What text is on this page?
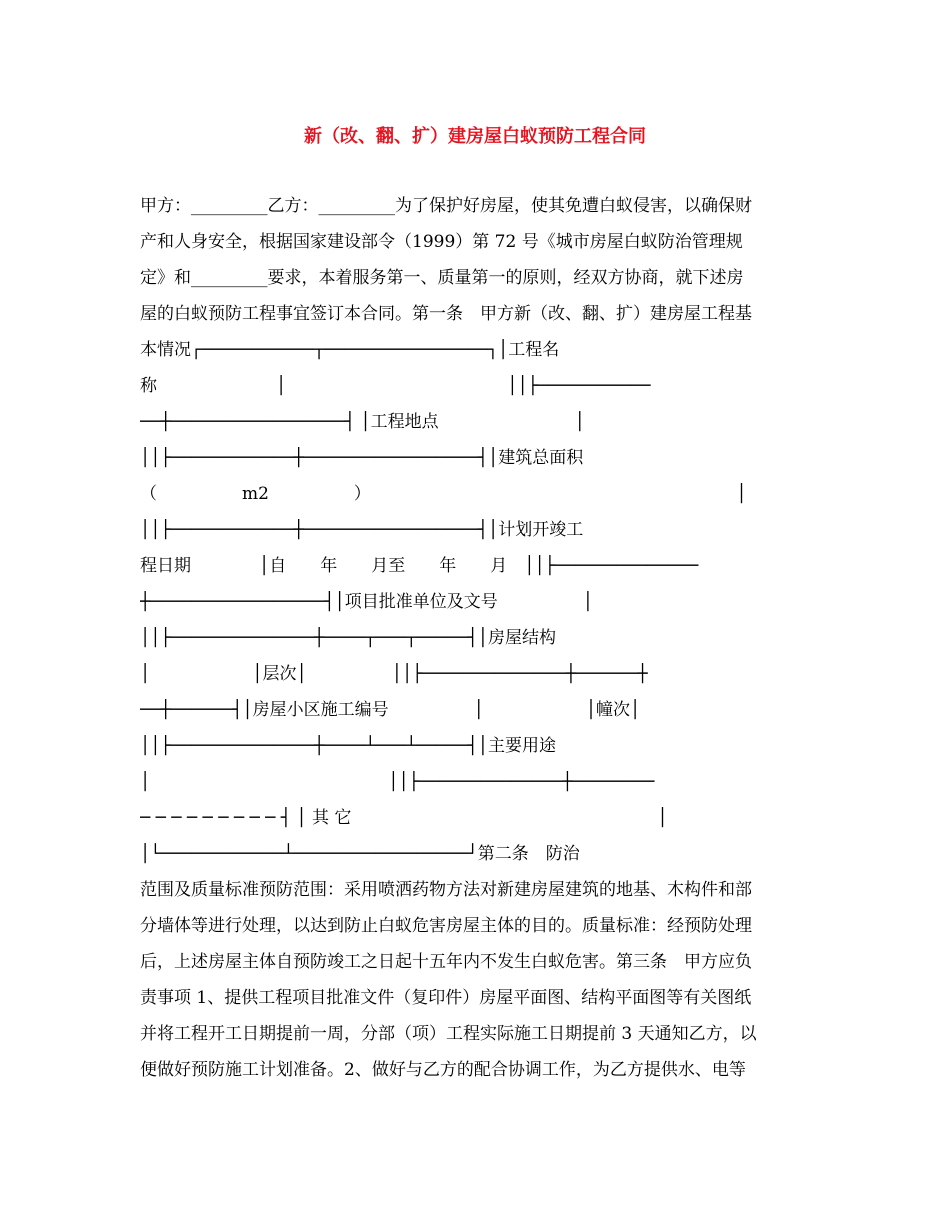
新（改、翻、扩）建房屋白蚁预防工程合同
甲方：_________乙方：_________为了保护好房屋，使其免遭白蚁侵害，以确保财
产和人身安全，根据国家建设部令（1999）第 72 号《城市房屋白蚁防治管理规
定》和_________要求，本着服务第一、质量第一的原则，经双方协商，就下述房
屋的白蚁预防工程事宜签订本合同。第一条　甲方新（改、翻、扩）建房屋工程基
本情况┌───────────┬────────────────┐│工程名
称　　　　　　　│　　　　　　　　　　　　　││├───────────
──┼─────────────────┤ │工程地点　　　　　　　　│
││├────────────┼─────────────────┤│建筑总面积
（　　　　　m2　　　　　）　　　　　　　　　　　　　　　　　　　　　　│
││├────────────┼─────────────────┤│计划开竣工
程日期　　　　│自　　年　　月至　　年　　月　││├──────────────
┼─────────────────┤│项目批准单位及文号　　　　　│
││├──────────────┼────┬───┬─────┤│房屋结构
│　　　　　　│层次│　　　　　││├──────────────┼──────┼
──┼──────┤│房屋小区施工编号　　　　　│　　　　　　│幢次│
││├──────────────┼────┴───┴─────┤│主要用途
│　　　　　　　　　　　　　　││├──────────────┼────────
─ ─ ─ ─ ─ ─ ─ ─ ─ ┤ │ 其 它　　　　　　　　　　　　　　　　　　│
│└────────────┴─────────────────┘第二条　防治
范围及质量标准预防范围：采用喷洒药物方法对新建房屋建筑的地基、木构件和部
分墙体等进行处理，以达到防止白蚁危害房屋主体的目的。质量标准：经预防处理
后，上述房屋主体自预防竣工之日起十五年内不发生白蚁危害。第三条　甲方应负
责事项 1、提供工程项目批准文件（复印件）房屋平面图、结构平面图等有关图纸
并将工程开工日期提前一周，分部（项）工程实际施工日期提前 3 天通知乙方，以
便做好预防施工计划准备。2、做好与乙方的配合协调工作，为乙方提供水、电等
